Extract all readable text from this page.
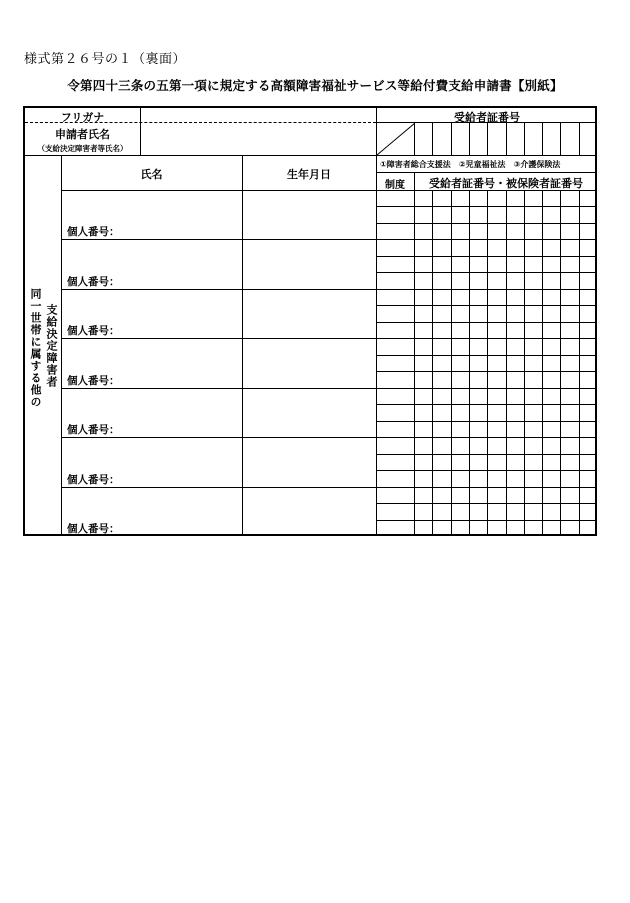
様式第２６号の１（裏面）
令第四十三条の五第一項に規定する高額障害福祉サービス等給付費支給申請書【別紙】
フリガナ
申請者氏名
（支給決定障害者等氏名）
受給者証番号
同一世帯に属する他の 支給決定障害者
氏名	生年月日
①障害者総合支援法　②児童福祉法　③介護保険法
制度	受給者証番号・被保険者証番号
個人番号：
個人番号：
個人番号：
個人番号：
個人番号：
個人番号：
個人番号：
